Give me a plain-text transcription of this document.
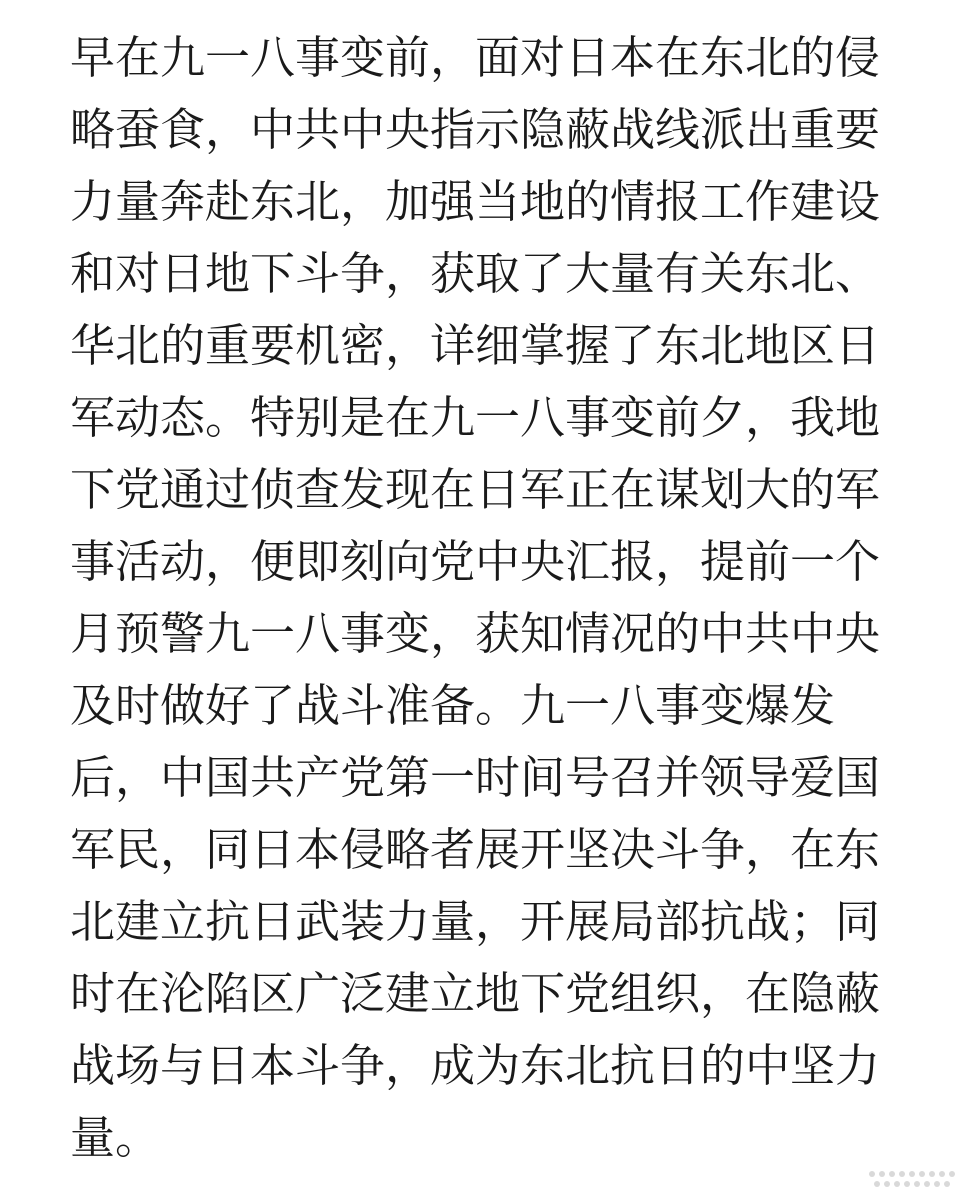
早在九一八事变前，面对日本在东北的侵
略蚕食，中共中央指示隐蔽战线派出重要
力量奔赴东北，加强当地的情报工作建设
和对日地下斗争，获取了大量有关东北、
华北的重要机密，详细掌握了东北地区日
军动态。特别是在九一八事变前夕，我地
下党通过侦查发现在日军正在谋划大的军
事活动，便即刻向党中央汇报，提前一个
月预警九一八事变，获知情况的中共中央
及时做好了战斗准备。九一八事变爆发
后，中国共产党第一时间号召并领导爱国
军民，同日本侵略者展开坚决斗争，在东
北建立抗日武装力量，开展局部抗战；同
时在沦陷区广泛建立地下党组织，在隐蔽
战场与日本斗争，成为东北抗日的中坚力
量。
